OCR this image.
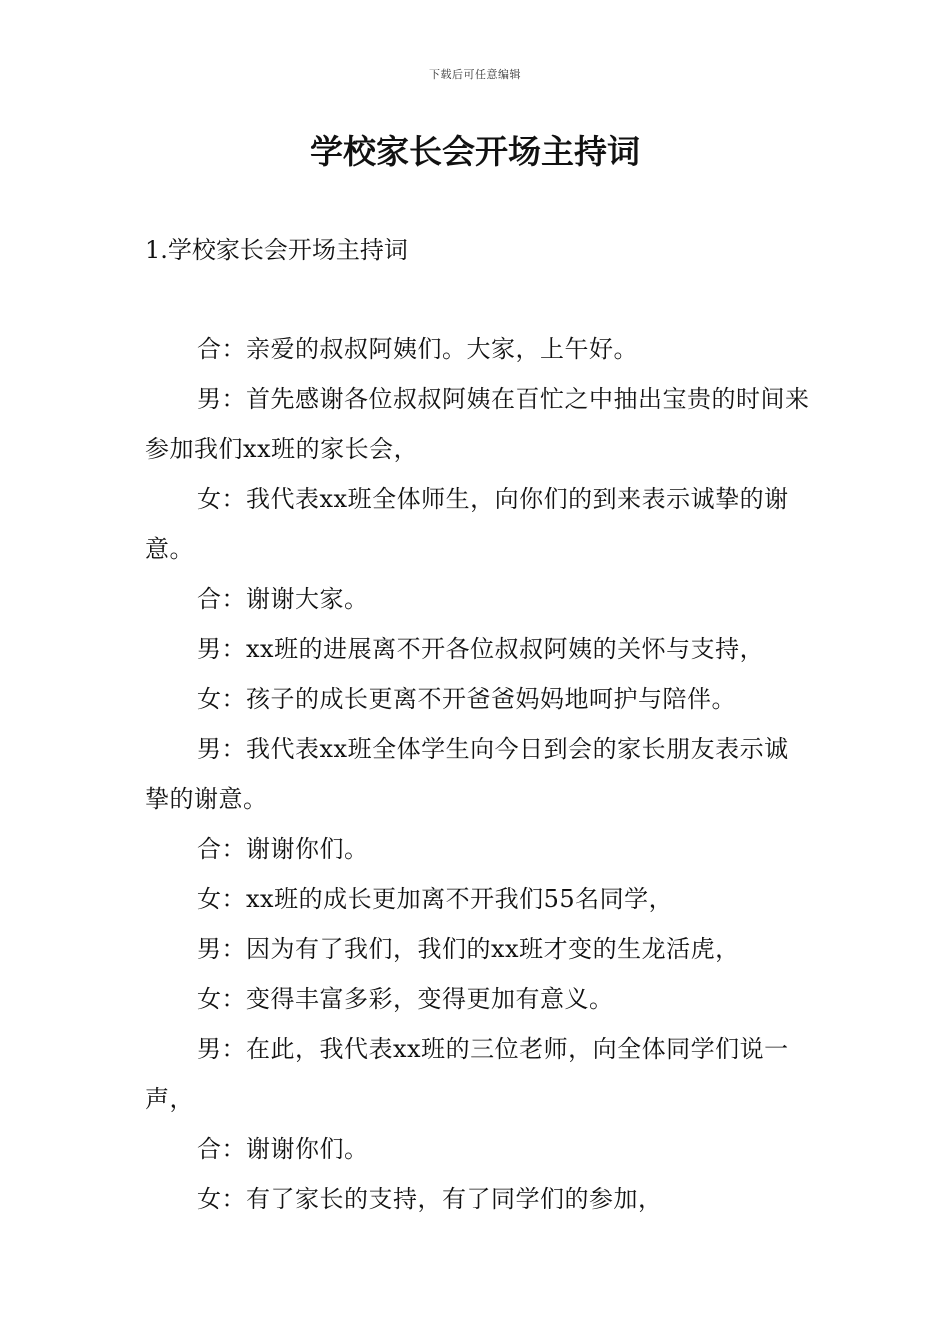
下载后可任意编辑
学校家长会开场主持词
1.学校家长会开场主持词

合：亲爱的叔叔阿姨们。大家，上午好。

男：首先感谢各位叔叔阿姨在百忙之中抽出宝贵的时间来参加我们xx班的家长会，

女：我代表xx班全体师生，向你们的到来表示诚挚的谢意。

合：谢谢大家。

男：xx班的进展离不开各位叔叔阿姨的关怀与支持，

女：孩子的成长更离不开爸爸妈妈地呵护与陪伴。

男：我代表xx班全体学生向今日到会的家长朋友表示诚挚的谢意。

合：谢谢你们。

女：xx班的成长更加离不开我们55名同学，

男：因为有了我们，我们的xx班才变的生龙活虎，

女：变得丰富多彩，变得更加有意义。

男：在此，我代表xx班的三位老师，向全体同学们说一声，

合：谢谢你们。

女：有了家长的支持，有了同学们的参加，
